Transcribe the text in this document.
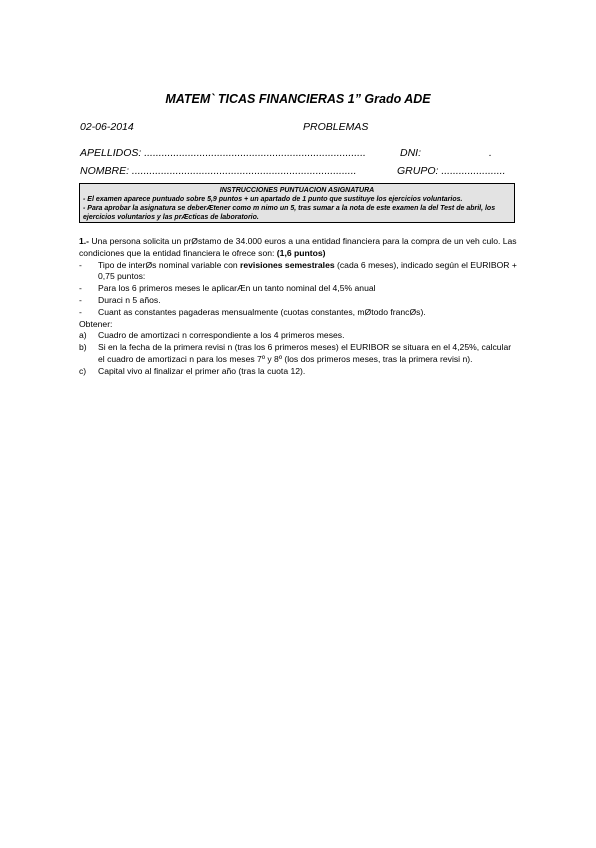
MATEM` TICAS FINANCIERAS 1” Grado ADE
02-06-2014	PROBLEMAS
APELLIDOS: ............................................................................	DNI:	.
NOMBRE: .............................................................................	GRUPO: ......................
INSTRUCCIONES PUNTUACION ASIGNATURA
- El examen aparece puntuado sobre 5,9 puntos + un apartado de 1 punto que sustituye los ejercicios voluntarios.
- Para aprobar la asignatura se deberÆtener como m nimo un 5, tras sumar a la nota de este examen la del Test de abril, los ejercicios voluntarios y las prÆcticas de laboratorio.

1.- Una persona solicita un prØstamo de 34.000 euros a una entidad financiera para la compra de un veh culo. Las condiciones que la entidad financiera le ofrece son: (1,6 puntos)

- Tipo de interØs nominal variable con revisiones semestrales (cada 6 meses), indicado según el EURIBOR + 0,75 puntos:
- Para los 6 primeros meses le aplicarÆn un tanto nominal del 4,5% anual
- Duraci n 5 años.
- Cuant as constantes pagaderas mensualmente (cuotas constantes, mØtodo francØs).

Obtener:

a) Cuadro de amortizaci n correspondiente a los 4 primeros meses.
b) Si en la fecha de la primera revisi n (tras los 6 primeros meses) el EURIBOR se situara en el 4,25%, calcular el cuadro de amortizaci n para los meses 7º y 8º (los dos primeros meses, tras la primera revisi n).
c) Capital vivo al finalizar el primer año (tras la cuota 12).
